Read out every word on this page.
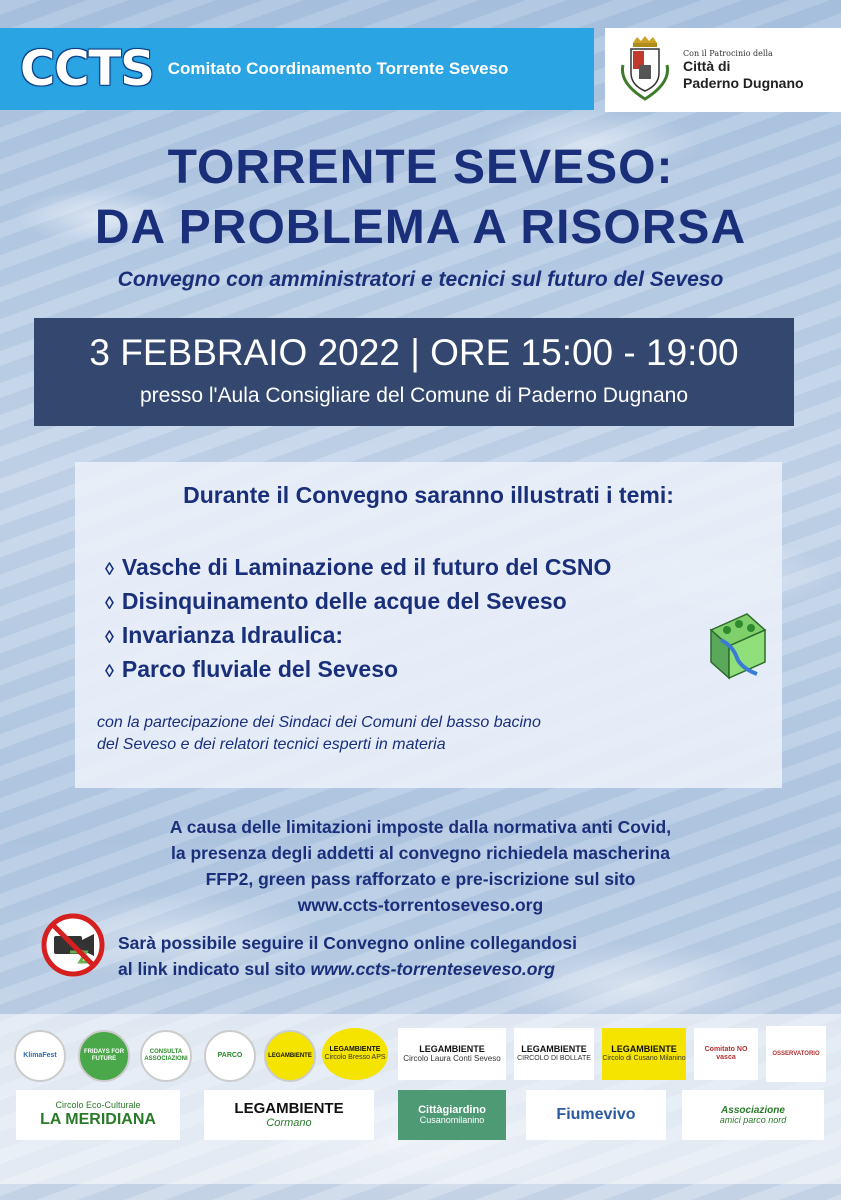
CCTS Comitato Coordinamento Torrente Seveso
Con il Patrocinio della
Città di
Paderno Dugnano
TORRENTE SEVESO:
DA PROBLEMA A RISORSA
Convegno con amministratori e tecnici sul futuro del Seveso
3 FEBBRAIO 2022 | ORE 15:00 - 19:00
presso l'Aula Consigliare del Comune di Paderno Dugnano
Durante il Convegno saranno illustrati i temi:
◊ Vasche di Laminazione ed il futuro del CSNO
◊ Disinquinamento delle acque del Seveso
◊ Invarianza Idraulica:
◊ Parco fluviale del Seveso
con la partecipazione dei Sindaci dei Comuni del basso bacino
del Seveso e dei relatori tecnici esperti in materia
A causa delle limitazioni imposte dalla normativa anti Covid,
la presenza degli addetti al convegno richiedela mascherina
FFP2, green pass rafforzato e pre-iscrizione sul sito
www.ccts-torrentoseveso.org
Sarà possibile seguire il Convegno online collegandosi
al link indicato sul sito www.ccts-torrenteseveso.org
KlimaFest	FRIDAYS FOR FUTURE
CONSULTA ASSOCIAZIONI	PARCO	LEGAMBIENTE
LEGAMBIENTE
Circolo Bresso APS
LEGAMBIENTE
Circolo Laura Conti Seveso
LEGAMBIENTE
CIRCOLO DI BOLLATE
LEGAMBIENTE
Circolo di Cusano Milanino
Comitato NO vasca
OSSERVATORIO
Circolo Eco-Culturale
LA MERIDIANA
LEGAMBIENTE
Cormano
Cittàgiardino
Cusanomilanino	Fiumevivo	Associazione
amici parco nord
